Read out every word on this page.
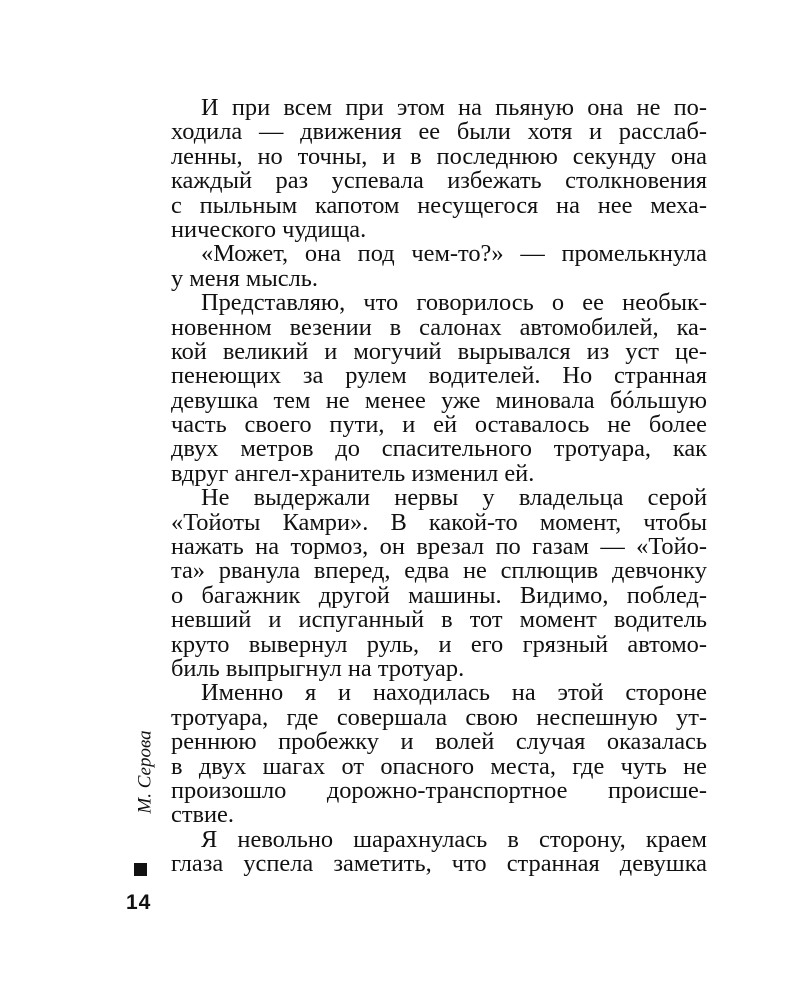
И при всем при этом на пьяную она не по-
ходила — движения ее были хотя и расслаб-
ленны, но точны, и в последнюю секунду она
каждый раз успевала избежать столкновения
с пыльным капотом несущегося на нее меха-
нического чудища.
«Может, она под чем-то?» — промелькнула
у меня мысль.
Представляю, что говорилось о ее необык-
новенном везении в салонах автомобилей, ка-
кой великий и могучий вырывался из уст це-
пенеющих за рулем водителей. Но странная
девушка тем не менее уже миновала бóльшую
часть своего пути, и ей оставалось не более
двух метров до спасительного тротуара, как
вдруг ангел-хранитель изменил ей.
Не выдержали нервы у владельца серой
«Тойоты Камри». В какой-то момент, чтобы
нажать на тормоз, он врезал по газам — «Тойо-
та» рванула вперед, едва не сплющив девчонку
о багажник другой машины. Видимо, поблед-
невший и испуганный в тот момент водитель
круто вывернул руль, и его грязный автомо-
биль выпрыгнул на тротуар.
Именно я и находилась на этой стороне
тротуара, где совершала свою неспешную ут-
реннюю пробежку и волей случая оказалась
в двух шагах от опасного места, где чуть не
произошло дорожно-транспортное происше-
ствие.
Я невольно шарахнулась в сторону, краем
глаза успела заметить, что странная девушка
М. Серова
14
